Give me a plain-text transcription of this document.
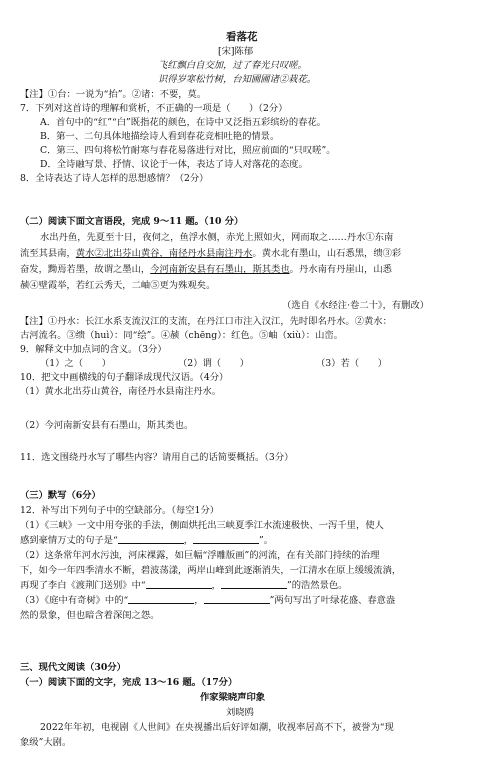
看落花
[宋]陈郁
飞红飘白自交加，过了春光只叹嗟。
识得岁寒松竹树，台知圃圃诸②栽花。
【注】①台：一说为“抬”。②诸：不要，莫。
7．下列对这首诗的理解和赏析，不正确的一项是（　　）（2分）
A．首句中的“红”“白”既指花的颜色，在诗中又泛指五彩缤纷的春花。
B．第一、二句具体地描绘诗人看到春花竞相吐艳的情景。
C．第三、四句将松竹耐寒与春花易落进行对比，照应前面的“只叹嗟”。
D．全诗融写景、抒情、议论于一体，表达了诗人对落花的态度。
8．全诗表达了诗人怎样的思想感情？（2分）
（二）阅读下面文言语段，完成 9～11 题。（10 分）
水出丹鱼，先夏至十日，夜伺之，鱼浮水侧，赤光上照如火，网而取之……丹水①东南
流至其县南，黄水②北出芬山黄谷，南径丹水县南注丹水。黄水北有墨山，山石悉黑，缋③彩
奋发，黝焉若墨，故谓之墨山，今河南新安县有石墨山，斯其类也。丹水南有丹崖山，山悉
赪④壁霞举，若红云秀天，二岫⑤更为殊观矣。
（选自《水经注·卷二十》，有删改）
【注】①丹水：长江水系支流汉江的支流，在丹江口市注入汉江，先时即名丹水。②黄水：
古河流名。③缋（huì）：同“绘”。④赪（chēng）：红色。⑤岫（xiù）：山峦。
9．解释文中加点词的含义。（3分）
（1）之（　　）	（2）谓（　　）	（3）若（　　）
10．把文中画横线的句子翻译成现代汉语。（4分）
（1）黄水北出芬山黄谷，南径丹水县南注丹水。
（2）今河南新安县有石墨山，斯其类也。
11．选文围绕丹水写了哪些内容？请用自己的话简要概括。（3分）
（三）默写（6分）
12．补写出下列句子中的空缺部分。（每空1分）
（1）《三峡》一文中用夸张的手法，侧面烘托出三峡夏季江水流速极快、一泻千里，使人
感到豪情万丈的句子是“	，	”。
（2）这条常年河水污浊，河床裸露，如巨幅“浮雕版画”的河流，在有关部门持续的治理
下，如今一年四季清水不断，碧波荡漾，两岸山峰到此逐渐消失，一江清水在原上缓缓流淌，
再现了李白《渡荆门送别》中“	，	”的浩然景色。
（3）《庭中有奇树》中的“	，	”两句写出了叶绿花盛、春意盎
然的景象，但也暗含着深闺之怨。
三、现代文阅读（30分）
（一）阅读下面的文字，完成 13～16 题。（17分）
作家梁晓声印象
刘晓鸥
2022年年初，电视剧《人世间》在央视播出后好评如潮，收视率居高不下，被誉为“现
象级”大剧。
